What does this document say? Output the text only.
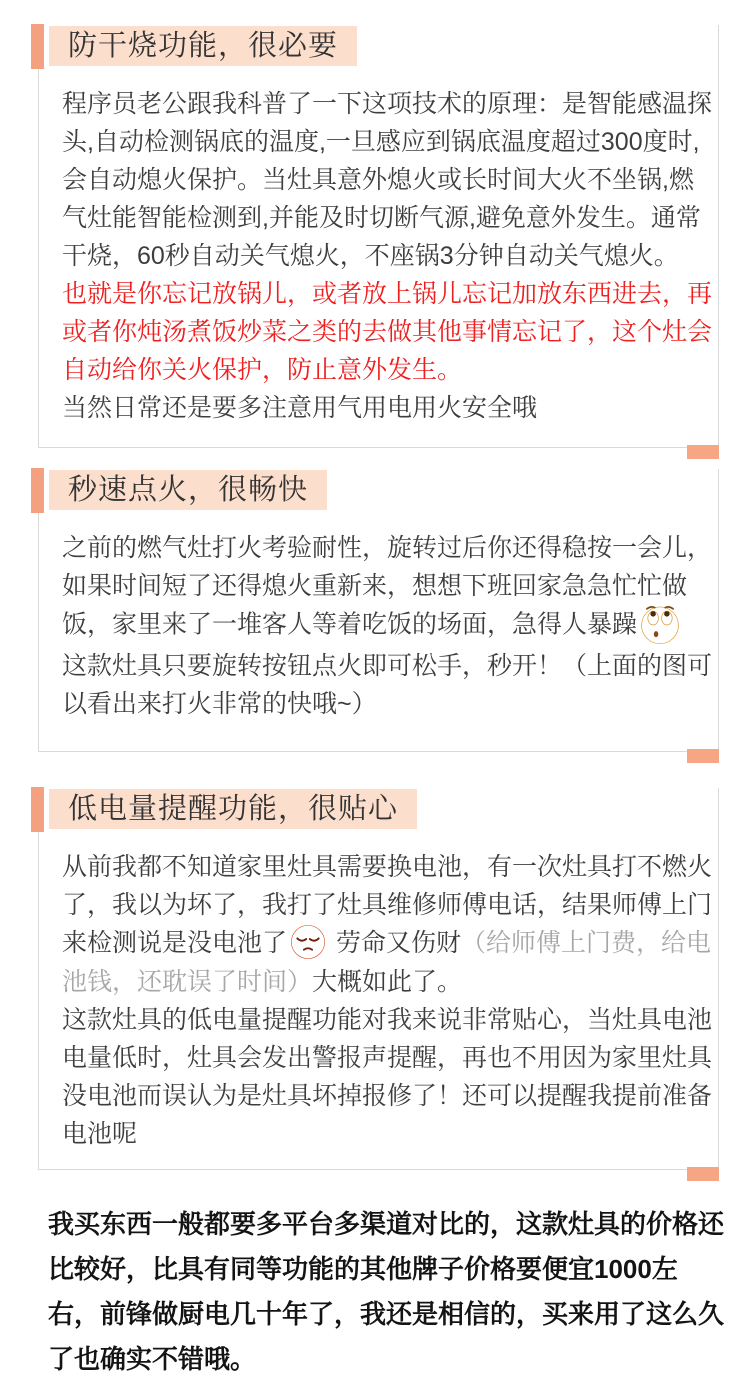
防干烧功能，很必要

程序员老公跟我科普了一下这项技术的原理：是智能感温探头,自动检测锅底的温度,一旦感应到锅底温度超过300度时,会自动熄火保护。当灶具意外熄火或长时间大火不坐锅,燃气灶能智能检测到,并能及时切断气源,避免意外发生。通常干烧，60秒自动关气熄火，不座锅3分钟自动关气熄火。

也就是你忘记放锅儿，或者放上锅儿忘记加放东西进去，再或者你炖汤煮饭炒菜之类的去做其他事情忘记了，这个灶会自动给你关火保护，防止意外发生。

当然日常还是要多注意用气用电用火安全哦

秒速点火，很畅快

之前的燃气灶打火考验耐性，旋转过后你还得稳按一会儿，如果时间短了还得熄火重新来，想想下班回家急急忙忙做饭，家里来了一堆客人等着吃饭的场面，急得人暴躁

这款灶具只要旋转按钮点火即可松手，秒开！（上面的图可以看出来打火非常的快哦~）

低电量提醒功能，很贴心

从前我都不知道家里灶具需要换电池，有一次灶具打不燃火了，我以为坏了，我打了灶具维修师傅电话，结果师傅上门来检测说是没电池了
劳命又伤财（给师傅上门费，给电池钱，还耽误了时间）大概如此了。

这款灶具的低电量提醒功能对我来说非常贴心，当灶具电池电量低时，灶具会发出警报声提醒，再也不用因为家里灶具没电池而误认为是灶具坏掉报修了！还可以提醒我提前准备电池呢

我买东西一般都要多平台多渠道对比的，这款灶具的价格还比较好，比具有同等功能的其他牌子价格要便宜1000左右，前锋做厨电几十年了，我还是相信的，买来用了这么久了也确实不错哦。
